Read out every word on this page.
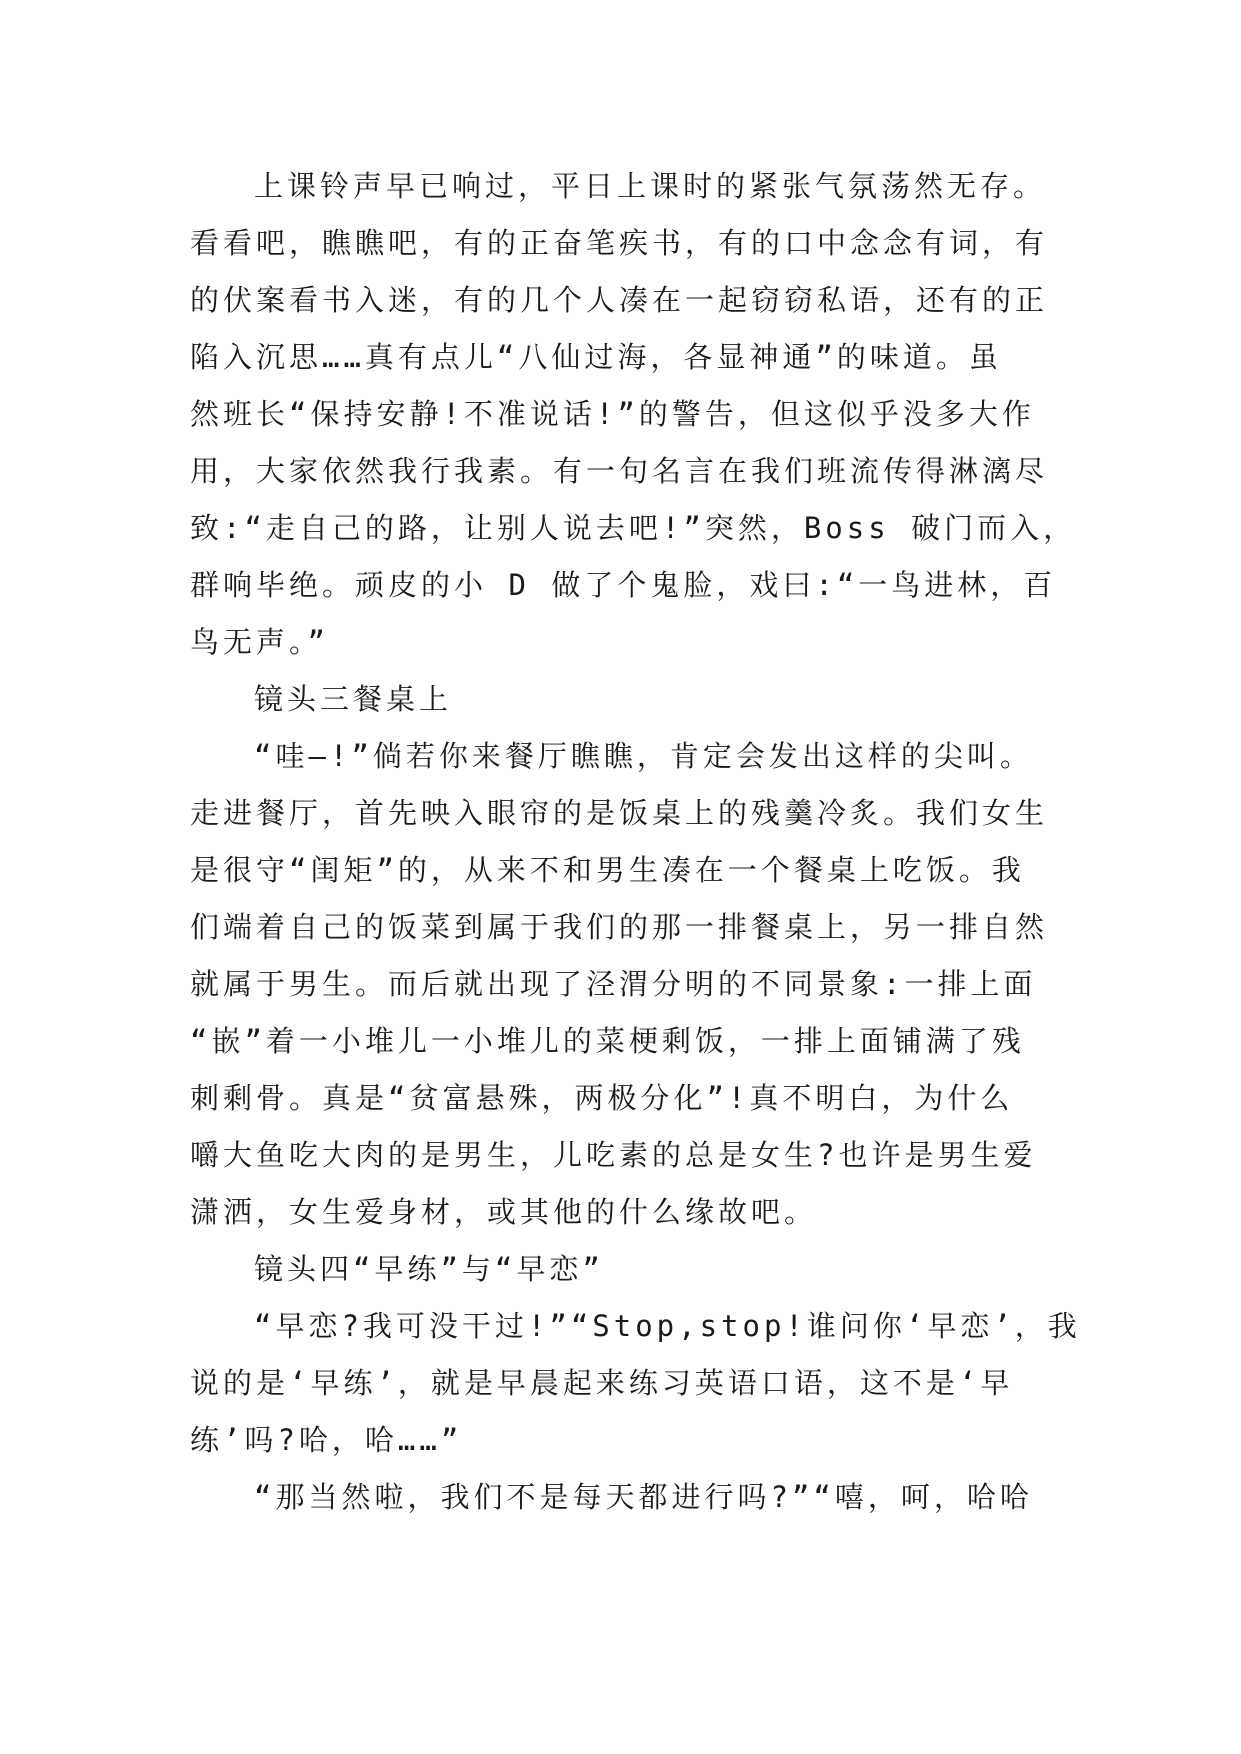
上课铃声早已响过，平日上课时的紧张气氛荡然无存。
看看吧，瞧瞧吧，有的正奋笔疾书，有的口中念念有词，有
的伏案看书入迷，有的几个人凑在一起窃窃私语，还有的正
陷入沉思……真有点儿“八仙过海，各显神通”的味道。虽
然班长“保持安静!不准说话!”的警告，但这似乎没多大作
用，大家依然我行我素。有一句名言在我们班流传得淋漓尽
致:“走自己的路，让别人说去吧!”突然，Boss 破门而入，
群响毕绝。顽皮的小 D 做了个鬼脸，戏曰:“一鸟进林，百
鸟无声。”
镜头三餐桌上
“哇—!”倘若你来餐厅瞧瞧，肯定会发出这样的尖叫。
走进餐厅，首先映入眼帘的是饭桌上的残羹冷炙。我们女生
是很守“闺矩”的，从来不和男生凑在一个餐桌上吃饭。我
们端着自己的饭菜到属于我们的那一排餐桌上，另一排自然
就属于男生。而后就出现了泾渭分明的不同景象:一排上面
“嵌”着一小堆儿一小堆儿的菜梗剩饭，一排上面铺满了残
刺剩骨。真是“贫富悬殊，两极分化”!真不明白，为什么
嚼大鱼吃大肉的是男生，儿吃素的总是女生?也许是男生爱
潇洒，女生爱身材，或其他的什么缘故吧。
镜头四“早练”与“早恋”
“早恋?我可没干过!”“Stop,stop!谁问你‘早恋’，我
说的是‘早练’，就是早晨起来练习英语口语，这不是‘早
练’吗?哈，哈……”
“那当然啦，我们不是每天都进行吗?”“嘻，呵，哈哈
